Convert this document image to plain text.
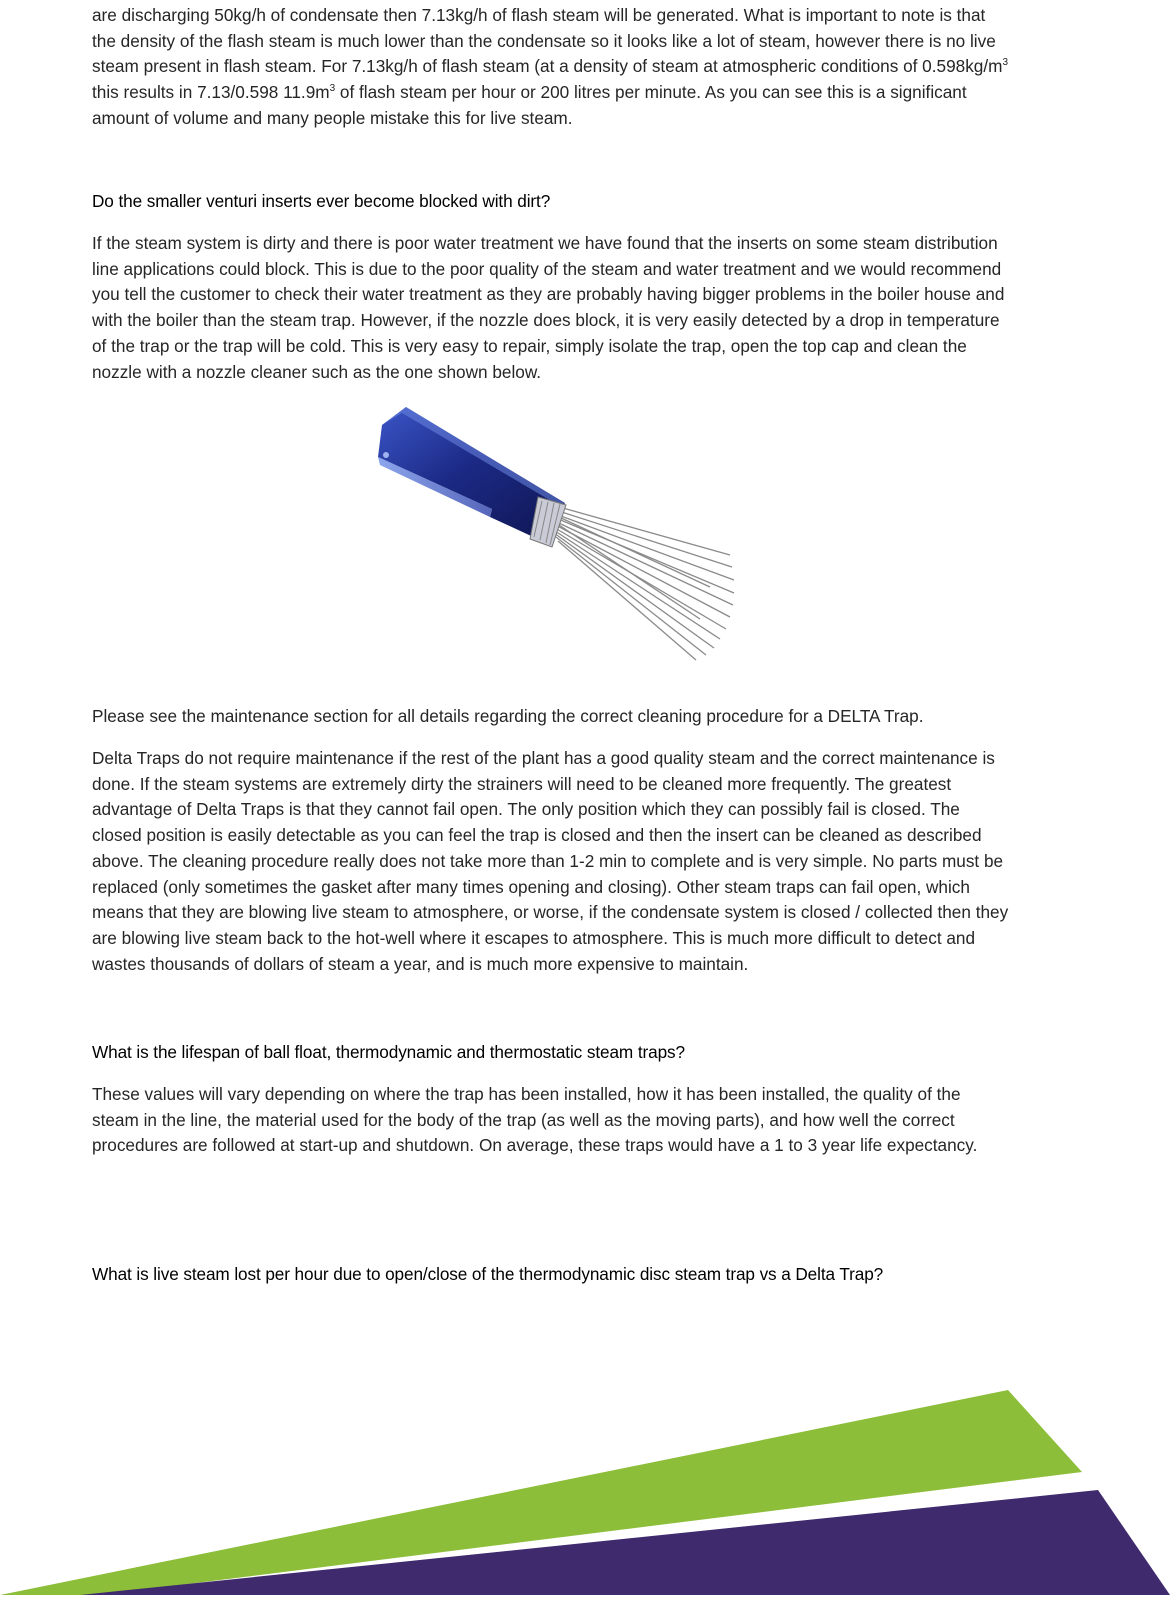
are discharging 50kg/h of condensate then 7.13kg/h of flash steam will be generated. What is important to note is that the density of the flash steam is much lower than the condensate so it looks like a lot of steam, however there is no live steam present in flash steam. For 7.13kg/h of flash steam (at a density of steam at atmospheric conditions of $0.598kg/m^3$ this results in 7.13/0.598 $11.9m^3$ of flash steam per hour or 200 litres per minute. As you can see this is a significant amount of volume and many people mistake this for live steam.

Do the smaller venturi inserts ever become blocked with dirt?

If the steam system is dirty and there is poor water treatment we have found that the inserts on some steam distribution line applications could block. This is due to the poor quality of the steam and water treatment and we would recommend you tell the customer to check their water treatment as they are probably having bigger problems in the boiler house and with the boiler than the steam trap. However, if the nozzle does block, it is very easily detected by a drop in temperature of the trap or the trap will be cold. This is very easy to repair, simply isolate the trap, open the top cap and clean the nozzle with a nozzle cleaner such as the one shown below.

Please see the maintenance section for all details regarding the correct cleaning procedure for a DELTA Trap.

Delta Traps do not require maintenance if the rest of the plant has a good quality steam and the correct maintenance is done. If the steam systems are extremely dirty the strainers will need to be cleaned more frequently. The greatest advantage of Delta Traps is that they cannot fail open. The only position which they can possibly fail is closed. The closed position is easily detectable as you can feel the trap is closed and then the insert can be cleaned as described above. The cleaning procedure really does not take more than 1-2 min to complete and is very simple. No parts must be replaced (only sometimes the gasket after many times opening and closing). Other steam traps can fail open, which means that they are blowing live steam to atmosphere, or worse, if the condensate system is closed / collected then they are blowing live steam back to the hot-well where it escapes to atmosphere. This is much more difficult to detect and wastes thousands of dollars of steam a year, and is much more expensive to maintain.

What is the lifespan of ball float, thermodynamic and thermostatic steam traps?

These values will vary depending on where the trap has been installed, how it has been installed, the quality of the steam in the line, the material used for the body of the trap (as well as the moving parts), and how well the correct procedures are followed at start-up and shutdown. On average, these traps would have a 1 to 3 year life expectancy.

What is live steam lost per hour due to open/close of the thermodynamic disc steam trap vs a Delta Trap?
